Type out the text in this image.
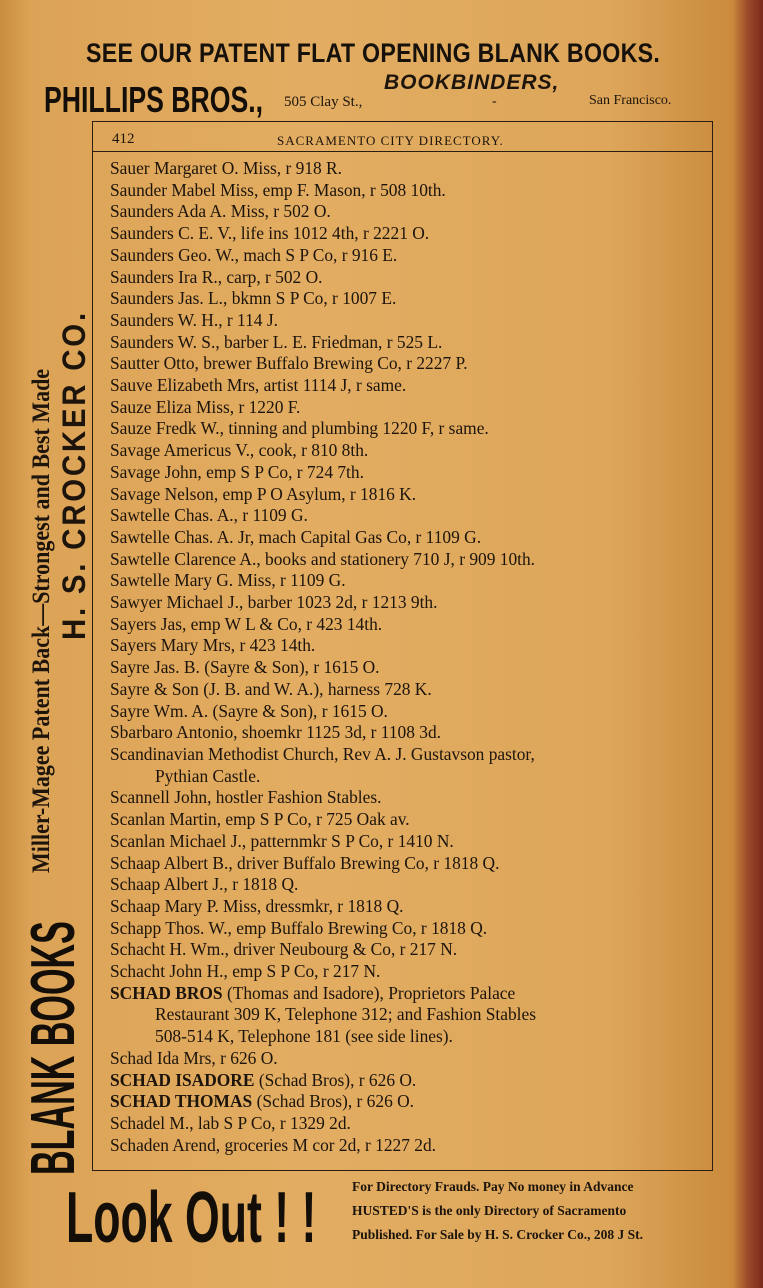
SEE OUR PATENT FLAT OPENING BLANK BOOKS.
PHILLIPS BROS.,	BOOKBINDERS,
505 Clay St.,	-	San Francisco.
BLANK BOOKS
Miller-Magee Patent Back—Strongest and Best Made H. S. CROCKER CO.
412	SACRAMENTO CITY DIRECTORY.
Sauer Margaret O. Miss, r 918 R.
Saunder Mabel Miss, emp F. Mason, r 508 10th.
Saunders Ada A. Miss, r 502 O.
Saunders C. E. V., life ins 1012 4th, r 2221 O.
Saunders Geo. W., mach S P Co, r 916 E.
Saunders Ira R., carp, r 502 O.
Saunders Jas. L., bkmn S P Co, r 1007 E.
Saunders W. H., r 114 J.
Saunders W. S., barber L. E. Friedman, r 525 L.
Sautter Otto, brewer Buffalo Brewing Co, r 2227 P.
Sauve Elizabeth Mrs, artist 1114 J, r same.
Sauze Eliza Miss, r 1220 F.
Sauze Fredk W., tinning and plumbing 1220 F, r same.
Savage Americus V., cook, r 810 8th.
Savage John, emp S P Co, r 724 7th.
Savage Nelson, emp P O Asylum, r 1816 K.
Sawtelle Chas. A., r 1109 G.
Sawtelle Chas. A. Jr, mach Capital Gas Co, r 1109 G.
Sawtelle Clarence A., books and stationery 710 J, r 909 10th.
Sawtelle Mary G. Miss, r 1109 G.
Sawyer Michael J., barber 1023 2d, r 1213 9th.
Sayers Jas, emp W L & Co, r 423 14th.
Sayers Mary Mrs, r 423 14th.
Sayre Jas. B. (Sayre & Son), r 1615 O.
Sayre & Son (J. B. and W. A.), harness 728 K.
Sayre Wm. A. (Sayre & Son), r 1615 O.
Sbarbaro Antonio, shoemkr 1125 3d, r 1108 3d.
Scandinavian Methodist Church, Rev A. J. Gustavson pastor,
Pythian Castle.
Scannell John, hostler Fashion Stables.
Scanlan Martin, emp S P Co, r 725 Oak av.
Scanlan Michael J., patternmkr S P Co, r 1410 N.
Schaap Albert B., driver Buffalo Brewing Co, r 1818 Q.
Schaap Albert J., r 1818 Q.
Schaap Mary P. Miss, dressmkr, r 1818 Q.
Schapp Thos. W., emp Buffalo Brewing Co, r 1818 Q.
Schacht H. Wm., driver Neubourg & Co, r 217 N.
Schacht John H., emp S P Co, r 217 N.
SCHAD BROS (Thomas and Isadore), Proprietors Palace
Restaurant 309 K, Telephone 312; and Fashion Stables
508-514 K, Telephone 181 (see side lines).
Schad Ida Mrs, r 626 O.
SCHAD ISADORE (Schad Bros), r 626 O.
SCHAD THOMAS (Schad Bros), r 626 O.
Schadel M., lab S P Co, r 1329 2d.
Schaden Arend, groceries M cor 2d, r 1227 2d.
Look Out ! !	For Directory Frauds. Pay No money in Advance
HUSTED'S is the only Directory of Sacramento
Published. For Sale by H. S. Crocker Co., 208 J St.
